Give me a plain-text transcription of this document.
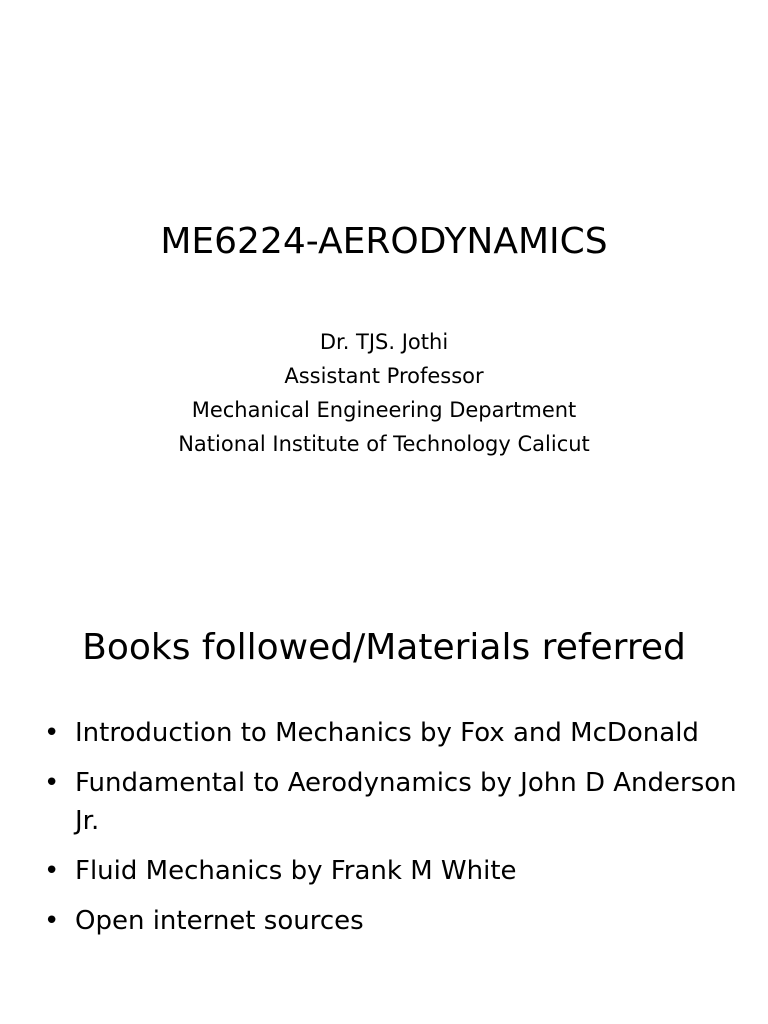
ME6224-AERODYNAMICS
Dr. TJS. Jothi
Assistant Professor
Mechanical Engineering Department
National Institute of Technology Calicut
Books followed/Materials referred
• Introduction to Mechanics by Fox and McDonald
• Fundamental to Aerodynamics by John D Anderson Jr.
• Fluid Mechanics by Frank M White
• Open internet sources
